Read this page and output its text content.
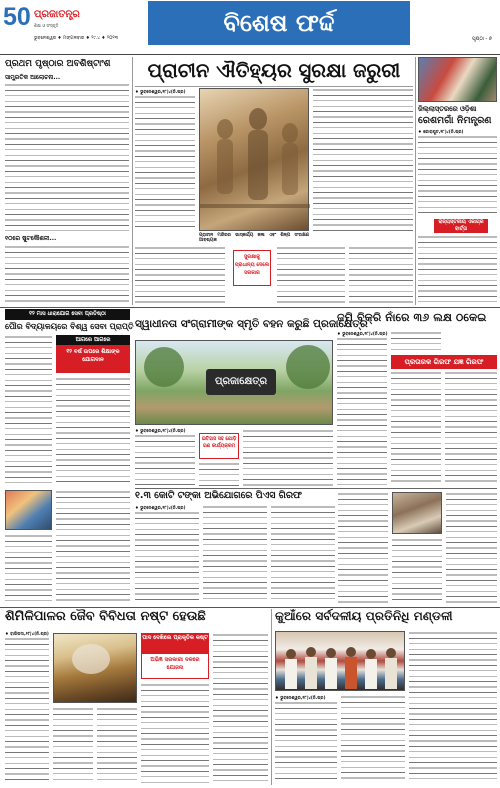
50 ପ୍ରଜାତନ୍ତ୍ର
ଶିକ୍ଷା ଓ ସଂସ୍କୃତି
ଭୁବନେଶ୍ୱର ♦ ମଙ୍ଗଳବାର ♦ ୨୯.୪ ♦ ୨୦୨୩
ବିଶେଷ ଫର୍ଦ୍ଦ
ପୃଷ୍ଠା - ୭
ପ୍ରଥମ ପୃଷ୍ଠାର ଅବଶିଷ୍ଟାଂଶ
ସାମ୍ପ୍ରତିକ ଆଲୋଚନା...
୧୦ରେ ଷୁଟକୌଶଳୀ...
ପ୍ରାଚୀନ ଐତିହ୍ୟର ସୁରକ୍ଷା ଜରୁରୀ
♦ ଭୁବନେଶ୍ୱର,୨୮|୪(ନି.ପ୍ର)
ପ୍ରାଚୀନ ମନ୍ଦିରର ଭାସ୍କର୍ଯ୍ୟ କଳା ଏବଂ ଶିଳ୍ପ ସଂରକ୍ଷଣ ଆବଶ୍ୟକ
ସୁରକ୍ଷାକୁ ପ୍ରାଧାନ୍ୟ ଦେଲେ ସରକାର
ଜିଲ୍ଲାସ୍ତରରେ ଓଡ଼ିଶା
ରେଶମଗାଁ ନିମନ୍ତ୍ରଣ
♦ କୋରାପୁଟ,୨୮|୪(ନି.ପ୍ର)
ରାଜ୍ୟସ୍ତରୀୟ ଏକାଗ୍ର ବାର୍ତ୍ତା
ସ୍ୱାଧୀନତା ସଂଗ୍ରାମୀଙ୍କ ସ୍ମୃତି ବହନ କରୁଛି ପ୍ରଜାକ୍ଷେତ୍ର
ଜମି ବିକ୍ରି ନାଁରେ ୩୬ ଲକ୍ଷ ଠକେଇ
♦ ଭୁବନେଶ୍ୱର,୨୮|୪(ନି.ପ୍ର)
ପ୍ରତାରକ ଗିରଫ ଯଜ୍ଞ ଗିରଫ
୧୨ ମାସ ଧାରାଯୋଗ ସେବା ପ୍ରତିଷ୍ଠା
ପୌର ବିଦ୍ୟାଳୟରେ ବିଶ୍ୱ ସେବା ପ୍ରାପ୍ତି
ଆଗରେ ଆଗରେ
୧୨ ବର୍ଷ ଉପରେ ଶିକ୍ଷାଙ୍କ ଯୋଗଦାନ
ପ୍ରଜାକ୍ଷେତ୍ର
♦ ଭୁବନେଶ୍ୱର,୨୮|୪(ନି.ପ୍ର)
ଇତିହାସ ସହ ଯୋଡ଼ି ଗଣ କାର୍ଯ୍ୟକ୍ରମ
୧.୩ କୋଟି ଟଙ୍କା ଅଭିଯୋଗରେ ପିଏସ ଗିରଫ
♦ ଭୁବନେଶ୍ୱର,୨୮|୪(ନି.ପ୍ର)
ଶିମିଳିପାଳର ଜୈବ ବିବିଧତା ନଷ୍ଟ ହେଉଛି
♦ ବାରିପଦା,୨୮|୪(ନି.ପ୍ର)
ପାଦ ଦେଖିଲେ ପ୍ରାକୃତିକ କଷ୍ଟ
ଅଭିଜ୍ଞ ସରକାରୀ ଦଳରେ ଯୋଜନା
କୁଆଁରେ ସର୍ବଦଳୀୟ ପ୍ରତିନିଧି ମଣ୍ଡଳୀ
♦ ଭୁବନେଶ୍ୱର,୨୮|୪(ନି.ପ୍ର)
